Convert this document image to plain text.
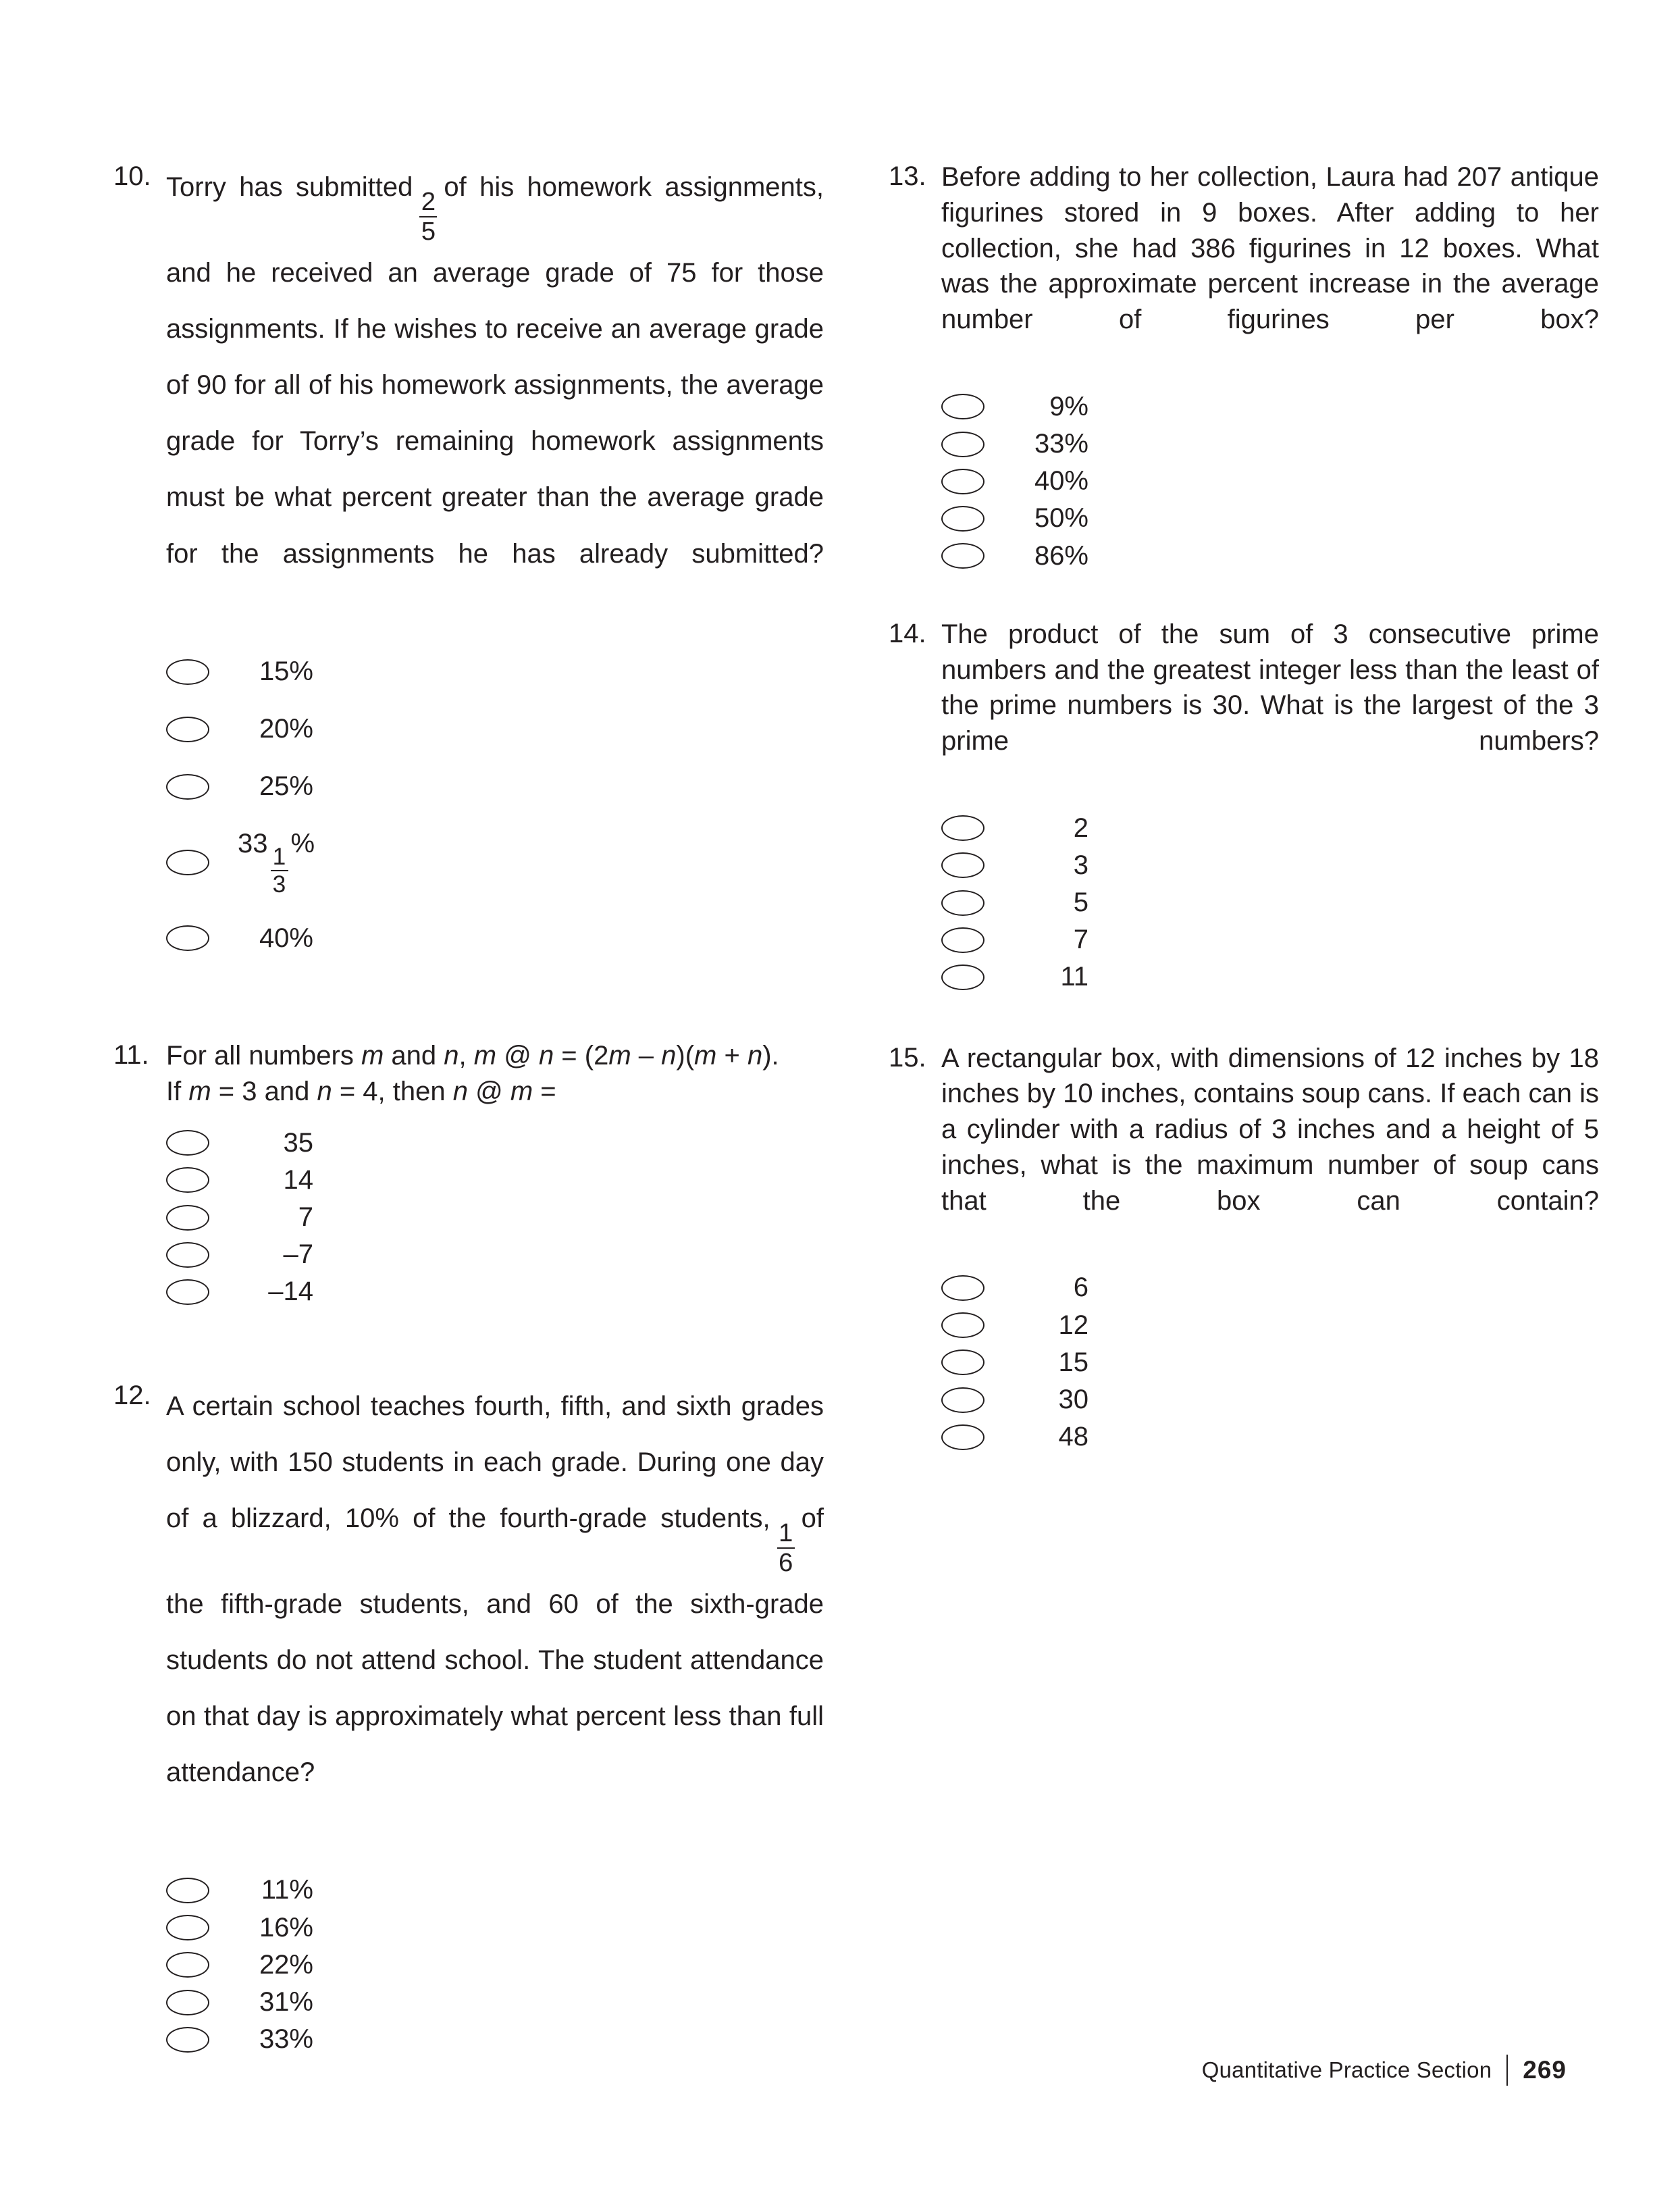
10. Torry has submitted
$\frac{2}{5}$
of his homework assignments, and he received an average grade of 75 for those assignments. If he wishes to receive an average grade of 90 for all of his homework assignments, the average grade for Torry’s remaining homework assignments must be what percent greater than the average grade for the assignments he has already submitted?
15%
20%
25%
33
$\frac{1}{3}$
%
40%
11. For all numbers m and n, m @ n = (2m – n)(m + n).
If m = 3 and n = 4, then n @ m =
35
14
7
–7
–14
12. A certain school teaches fourth, fifth, and sixth grades only, with 150 students in each grade. During one day of a blizzard, 10% of the fourth-grade students,
$\frac{1}{6}$
of the fifth-grade students, and 60 of the sixth-grade students do not attend school. The student attendance on that day is approximately what percent less than full attendance?
11%
16%
22%
31%
33%
13. Before adding to her collection, Laura had 207 antique figurines stored in 9 boxes. After adding to her collection, she had 386 figurines in 12 boxes. What was the approximate percent increase in the average number of figurines per box?
9%
33%
40%
50%
86%
14. The product of the sum of 3 consecutive prime numbers and the greatest integer less than the least of the prime numbers is 30. What is the largest of the 3 prime numbers?
2
3
5
7
11
15. A rectangular box, with dimensions of 12 inches by 18 inches by 10 inches, contains soup cans. If each can is a cylinder with a radius of 3 inches and a height of 5 inches, what is the maximum number of soup cans that the box can contain?
6
12
15
30
48
Quantitative Practice Section 269
